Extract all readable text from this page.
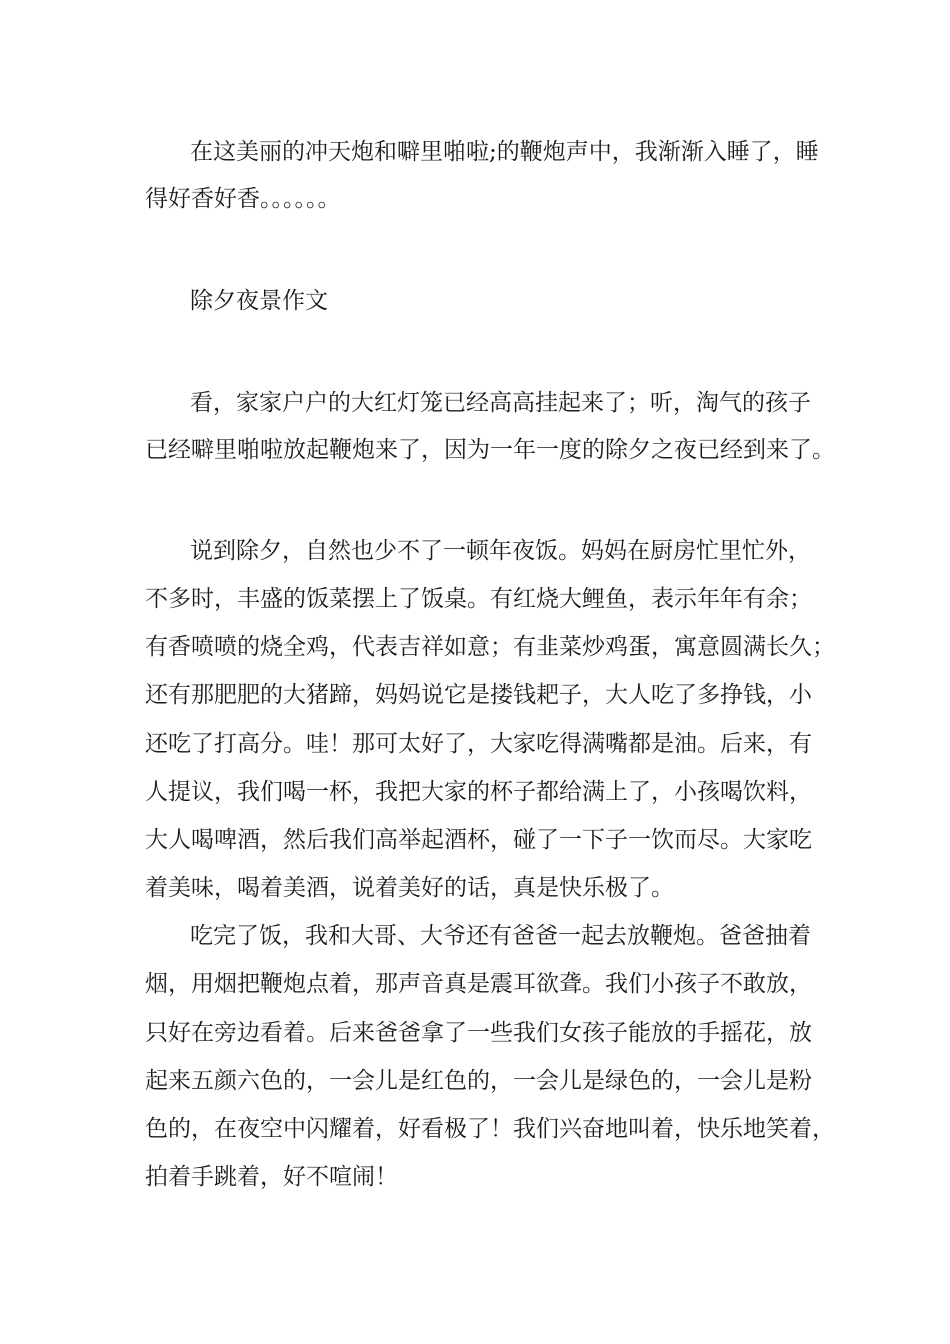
在这美丽的冲天炮和噼里啪啦;的鞭炮声中，我渐渐入睡了，睡

得好香好香。。。。。。

除夕夜景作文

看，家家户户的大红灯笼已经高高挂起来了；听，淘气的孩子

已经噼里啪啦放起鞭炮来了，因为一年一度的除夕之夜已经到来了。

说到除夕，自然也少不了一顿年夜饭。妈妈在厨房忙里忙外，

不多时，丰盛的饭菜摆上了饭桌。有红烧大鲤鱼，表示年年有余；

有香喷喷的烧全鸡，代表吉祥如意；有韭菜炒鸡蛋，寓意圆满长久；

还有那肥肥的大猪蹄，妈妈说它是搂钱耙子，大人吃了多挣钱，小

还吃了打高分。哇！那可太好了，大家吃得满嘴都是油。后来，有

人提议，我们喝一杯，我把大家的杯子都给满上了，小孩喝饮料，

大人喝啤酒，然后我们高举起酒杯，碰了一下子一饮而尽。大家吃

着美味，喝着美酒，说着美好的话，真是快乐极了。

吃完了饭，我和大哥、大爷还有爸爸一起去放鞭炮。爸爸抽着

烟，用烟把鞭炮点着，那声音真是震耳欲聋。我们小孩子不敢放，

只好在旁边看着。后来爸爸拿了一些我们女孩子能放的手摇花，放

起来五颜六色的，一会儿是红色的，一会儿是绿色的，一会儿是粉

色的，在夜空中闪耀着，好看极了！我们兴奋地叫着，快乐地笑着，

拍着手跳着，好不喧闹！
